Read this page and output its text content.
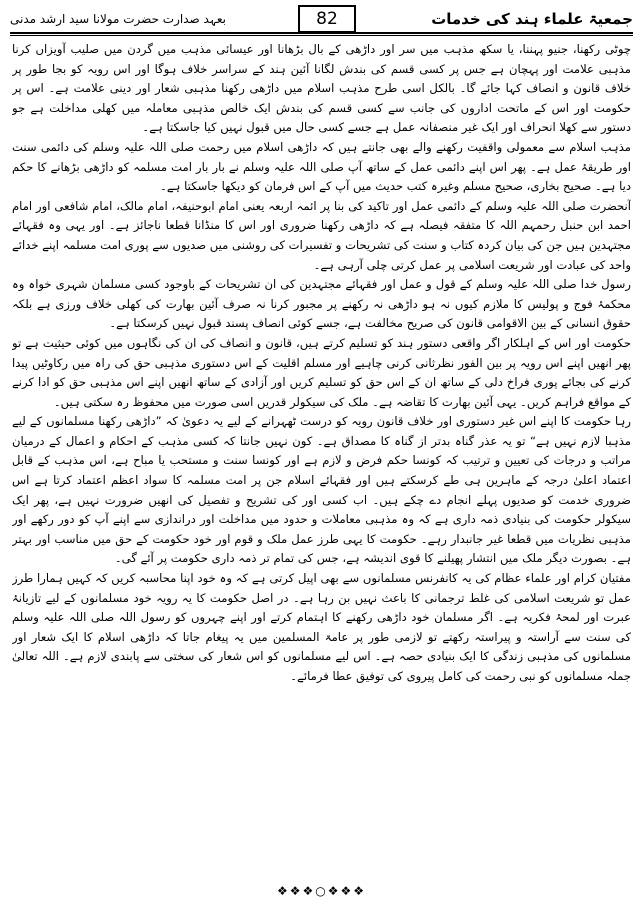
جمعیۃ علماء ہند کی خدمات
بعہد صدارت حضرت مولانا سید ارشد مدنی	82

چوٹی رکھنا، جنیو پہننا، یا سکھ مذہب میں سر اور داڑھی کے بال بڑھانا اور عیسائی مذہب میں گردن میں صلیب آویزاں کرنا مذہبی علامت اور پہچان ہے جس پر کسی قسم کی بندش لگانا آئین ہند کے سراسر خلاف ہوگا اور اس رویہ کو بجا طور پر خلاف قانون و انصاف کہا جائے گا۔ بالکل اسی طرح مذہب اسلام میں داڑھی رکھنا مذہبی شعار اور دینی علامت ہے۔ اس پر حکومت اور اس کے ماتحت اداروں کی جانب سے کسی قسم کی بندش ایک خالص مذہبی معاملہ میں کھلی مداخلت ہے جو دستور سے کھلا انحراف اور ایک غیر منصفانہ عمل ہے جسے کسی حال میں قبول نہیں کیا جاسکتا ہے۔

مذہب اسلام سے معمولی واقفیت رکھنے والے بھی جانتے ہیں کہ داڑھی اسلام میں رحمت صلی اللہ علیہ وسلم کی دائمی سنت اور طریقۂ عمل ہے۔ پھر اس اپنے دائمی عمل کے ساتھ آپ صلی اللہ علیہ وسلم نے بار بار امت مسلمہ کو داڑھی بڑھانے کا حکم دیا ہے۔ صحیح بخاری، صحیح مسلم وغیرہ کتب حدیث میں آپ کے اس فرمان کو دیکھا جاسکتا ہے۔

آنحضرت صلی اللہ علیہ وسلم کے دائمی عمل اور تاکید کی بنا پر ائمہ اربعہ یعنی امام ابوحنیفہ، امام مالک، امام شافعی اور امام احمد ابن حنبل رحمہم اللہ کا متفقہ فیصلہ ہے کہ داڑھی رکھنا ضروری اور اس کا منڈانا قطعا ناجائز ہے۔ اور یہی وہ فقہائے مجتہدین ہیں جن کی بیان کردہ کتاب و سنت کی تشریحات و تفسیرات کی روشنی میں صدیوں سے پوری امت مسلمہ اپنے خدائے واحد کی عبادت اور شریعت اسلامی پر عمل کرتی چلی آرہی ہے۔

رسول خدا صلی اللہ علیہ وسلم کے قول و عمل اور فقہائے مجتہدین کی ان تشریحات کے باوجود کسی مسلمان شہری خواہ وہ محکمۂ فوج و پولیس کا ملازم کیوں نہ ہو داڑھی نہ رکھنے پر مجبور کرنا نہ صرف آئین بھارت کی کھلی خلاف ورزی ہے بلکہ حقوق انسانی کے بین الاقوامی قانون کی صریح مخالفت ہے، جسے کوئی انصاف پسند قبول نہیں کرسکتا ہے۔

حکومت اور اس کے اہلکار اگر واقعی دستور ہند کو تسلیم کرتے ہیں، قانون و انصاف کی ان کی نگاہوں میں کوئی حیثیت ہے تو پھر انھیں اپنے اس رویہ پر بین الفور نظرثانی کرنی چاہیے اور مسلم اقلیت کے اس دستوری مذہبی حق کی راہ میں رکاوٹیں پیدا کرنے کی بجائے پوری فراخ دلی کے ساتھ ان کے اس حق کو تسلیم کریں اور آزادی کے ساتھ انھیں اپنے اس مذہبی حق کو ادا کرنے کے مواقع فراہم کریں۔ یہی آئین بھارت کا تقاضہ ہے۔ ملک کی سیکولر قدریں اسی صورت میں محفوظ رہ سکتی ہیں۔

رہا حکومت کا اپنے اس غیر دستوری اور خلاف قانون رویہ کو درست ٹھہرانے کے لیے یہ دعویٰ کہ ”داڑھی رکھنا مسلمانوں کے لیے مذہبا لازم نہیں ہے“ تو یہ عذر گناہ بدتر از گناہ کا مصداق ہے۔ کون نہیں جانتا کہ کسی مذہب کے احکام و اعمال کے درمیان مراتب و درجات کی تعیین و ترتیب کہ کونسا حکم فرض و لازم ہے اور کونسا سنت و مستحب یا مباح ہے، اس مذہب کے قابل اعتماد اعلیٰ درجہ کے ماہرین ہی طے کرسکتے ہیں اور فقہائے اسلام جن پر امت مسلمہ کا سواد اعظم اعتماد کرتا ہے اس ضروری خدمت کو صدیوں پہلے انجام دے چکے ہیں۔ اب کسی اور کی تشریح و تفصیل کی انھیں ضرورت نہیں ہے، پھر ایک سیکولر حکومت کی بنیادی ذمہ داری ہے کہ وہ مذہبی معاملات و حدود میں مداخلت اور دراندازی سے اپنے آپ کو دور رکھے اور مذہبی نظریات میں قطعا غیر جانبدار رہے۔ حکومت کا یہی طرز عمل ملک و قوم اور خود حکومت کے حق میں مناسب اور بہتر ہے۔ بصورت دیگر ملک میں انتشار پھیلنے کا قوی اندیشہ ہے، جس کی تمام تر ذمہ داری حکومت پر آئے گی۔

مفتیان کرام اور علماء عظام کی یہ کانفرنس مسلمانوں سے بھی اپیل کرتی ہے کہ وہ خود اپنا محاسبہ کریں کہ کہیں ہمارا طرز عمل تو شریعت اسلامی کی غلط ترجمانی کا باعث نہیں بن رہا ہے۔ در اصل حکومت کا یہ رویہ خود مسلمانوں کے لیے تازیانۂ عبرت اور لمحۂ فکریہ ہے۔ اگر مسلمان خود داڑھی رکھنے کا اہتمام کرتے اور اپنے چہروں کو رسول اللہ صلی اللہ علیہ وسلم کی سنت سے آراستہ و پیراستہ رکھتے تو لازمی طور پر عامۃ المسلمین میں یہ پیغام جاتا کہ داڑھی اسلام کا ایک شعار اور مسلمانوں کی مذہبی زندگی کا ایک بنیادی حصہ ہے۔ اس لیے مسلمانوں کو اس شعار کی سختی سے پابندی لازم ہے۔ اللہ تعالیٰ جملہ مسلمانوں کو نبی رحمت کی کامل پیروی کی توفیق عطا فرمائے۔

❖❖❖○❖❖❖
